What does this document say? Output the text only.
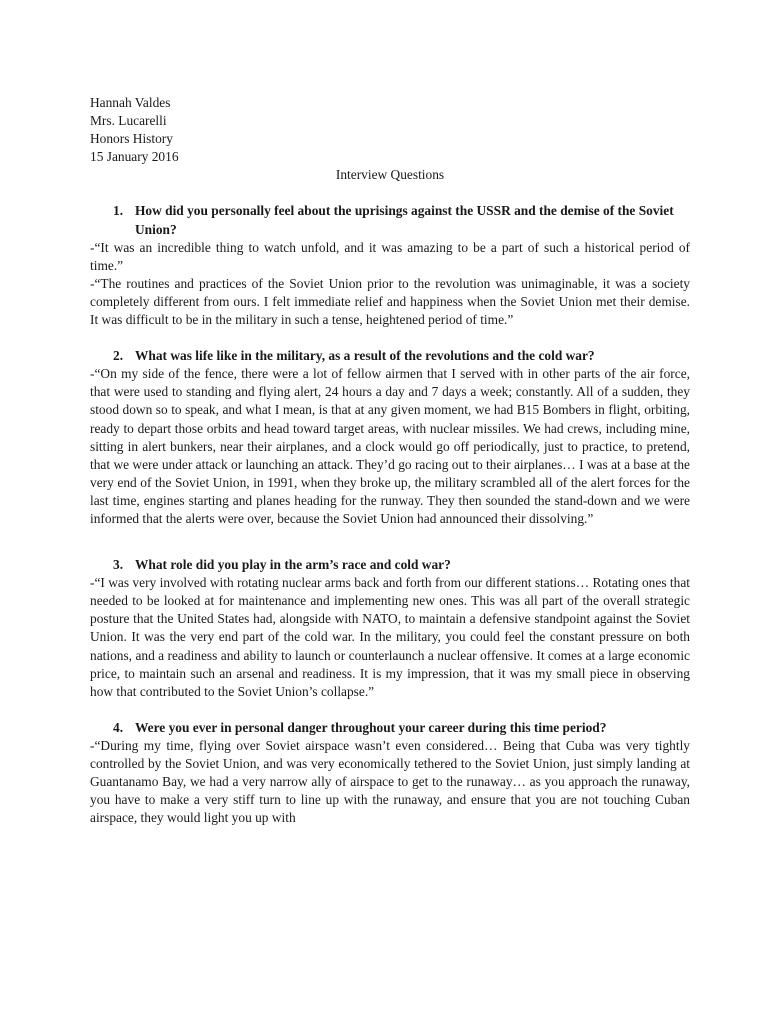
Hannah Valdes

Mrs. Lucarelli

Honors History

15 January 2016

Interview Questions

1. How did you personally feel about the uprisings against the USSR and the demise of the Soviet Union?

-“It was an incredible thing to watch unfold, and it was amazing to be a part of such a historical period of time.”

-“The routines and practices of the Soviet Union prior to the revolution was unimaginable, it was a society completely different from ours. I felt immediate relief and happiness when the Soviet Union met their demise. It was difficult to be in the military in such a tense, heightened period of time.”

2. What was life like in the military, as a result of the revolutions and the cold war?

-“On my side of the fence, there were a lot of fellow airmen that I served with in other parts of the air force, that were used to standing and flying alert, 24 hours a day and 7 days a week; constantly. All of a sudden, they stood down so to speak, and what I mean, is that at any given moment, we had B15 Bombers in flight, orbiting, ready to depart those orbits and head toward target areas, with nuclear missiles. We had crews, including mine, sitting in alert bunkers, near their airplanes, and a clock would go off periodically, just to practice, to pretend, that we were under attack or launching an attack. They’d go racing out to their airplanes… I was at a base at the very end of the Soviet Union, in 1991, when they broke up, the military scrambled all of the alert forces for the last time, engines starting and planes heading for the runway. They then sounded the stand-down and we were informed that the alerts were over, because the Soviet Union had announced their dissolving.”

3. What role did you play in the arm’s race and cold war?

-“I was very involved with rotating nuclear arms back and forth from our different stations… Rotating ones that needed to be looked at for maintenance and implementing new ones. This was all part of the overall strategic posture that the United States had, alongside with NATO, to maintain a defensive standpoint against the Soviet Union. It was the very end part of the cold war. In the military, you could feel the constant pressure on both nations, and a readiness and ability to launch or counterlaunch a nuclear offensive. It comes at a large economic price, to maintain such an arsenal and readiness. It is my impression, that it was my small piece in observing how that contributed to the Soviet Union’s collapse.”

4. Were you ever in personal danger throughout your career during this time period?

-“During my time, flying over Soviet airspace wasn’t even considered… Being that Cuba was very tightly controlled by the Soviet Union, and was very economically tethered to the Soviet Union, just simply landing at Guantanamo Bay, we had a very narrow ally of airspace to get to the runaway… as you approach the runaway, you have to make a very stiff turn to line up with the runaway, and ensure that you are not touching Cuban airspace, they would light you up with
